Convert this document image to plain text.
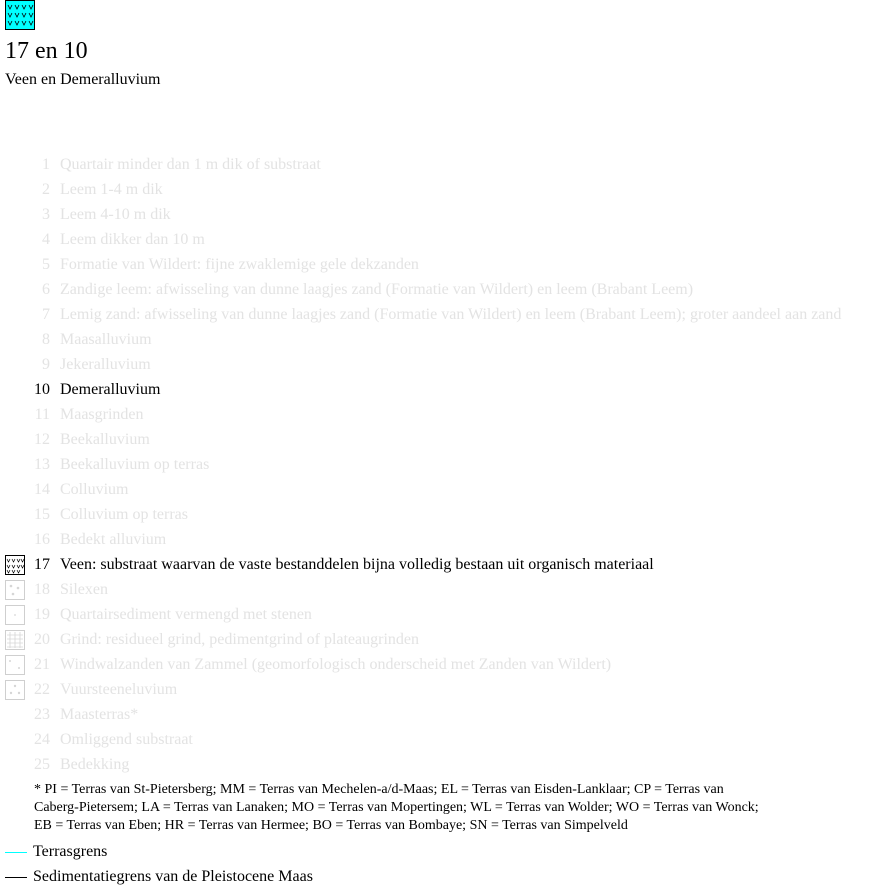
17 en 10
Veen en Demeralluvium
1 Quartair minder dan 1 m dik of substraat
2 Leem 1-4 m dik
3 Leem 4-10 m dik
4 Leem dikker dan 10 m
5 Formatie van Wildert: fijne zwaklemige gele dekzanden
6 Zandige leem: afwisseling van dunne laagjes zand (Formatie van Wildert) en leem (Brabant Leem)
7 Lemig zand: afwisseling van dunne laagjes zand (Formatie van Wildert) en leem (Brabant Leem); groter aandeel aan zand
8 Maasalluvium
9 Jekeralluvium
10 Demeralluvium
11 Maasgrinden
12 Beekalluvium
13 Beekalluvium op terras
14 Colluvium
15 Colluvium op terras
16 Bedekt alluvium
17 Veen: substraat waarvan de vaste bestanddelen bijna volledig bestaan uit organisch materiaal
18 Silexen
19 Quartairsediment vermengd met stenen
20 Grind: residueel grind, pedimentgrind of plateaugrinden
21 Windwalzanden van Zammel (geomorfologisch onderscheid met Zanden van Wildert)
22 Vuursteeneluvium
23 Maasterras*
24 Omliggend substraat
25 Bedekking
* PI = Terras van St-Pietersberg; MM = Terras van Mechelen-a/d-Maas; EL = Terras van Eisden-Lanklaar; CP = Terras van
Caberg-Pietersem; LA = Terras van Lanaken; MO = Terras van Mopertingen; WL = Terras van Wolder; WO = Terras van Wonck;
EB = Terras van Eben; HR = Terras van Hermee; BO = Terras van Bombaye; SN = Terras van Simpelveld
Terrasgrens
Sedimentatiegrens van de Pleistocene Maas
